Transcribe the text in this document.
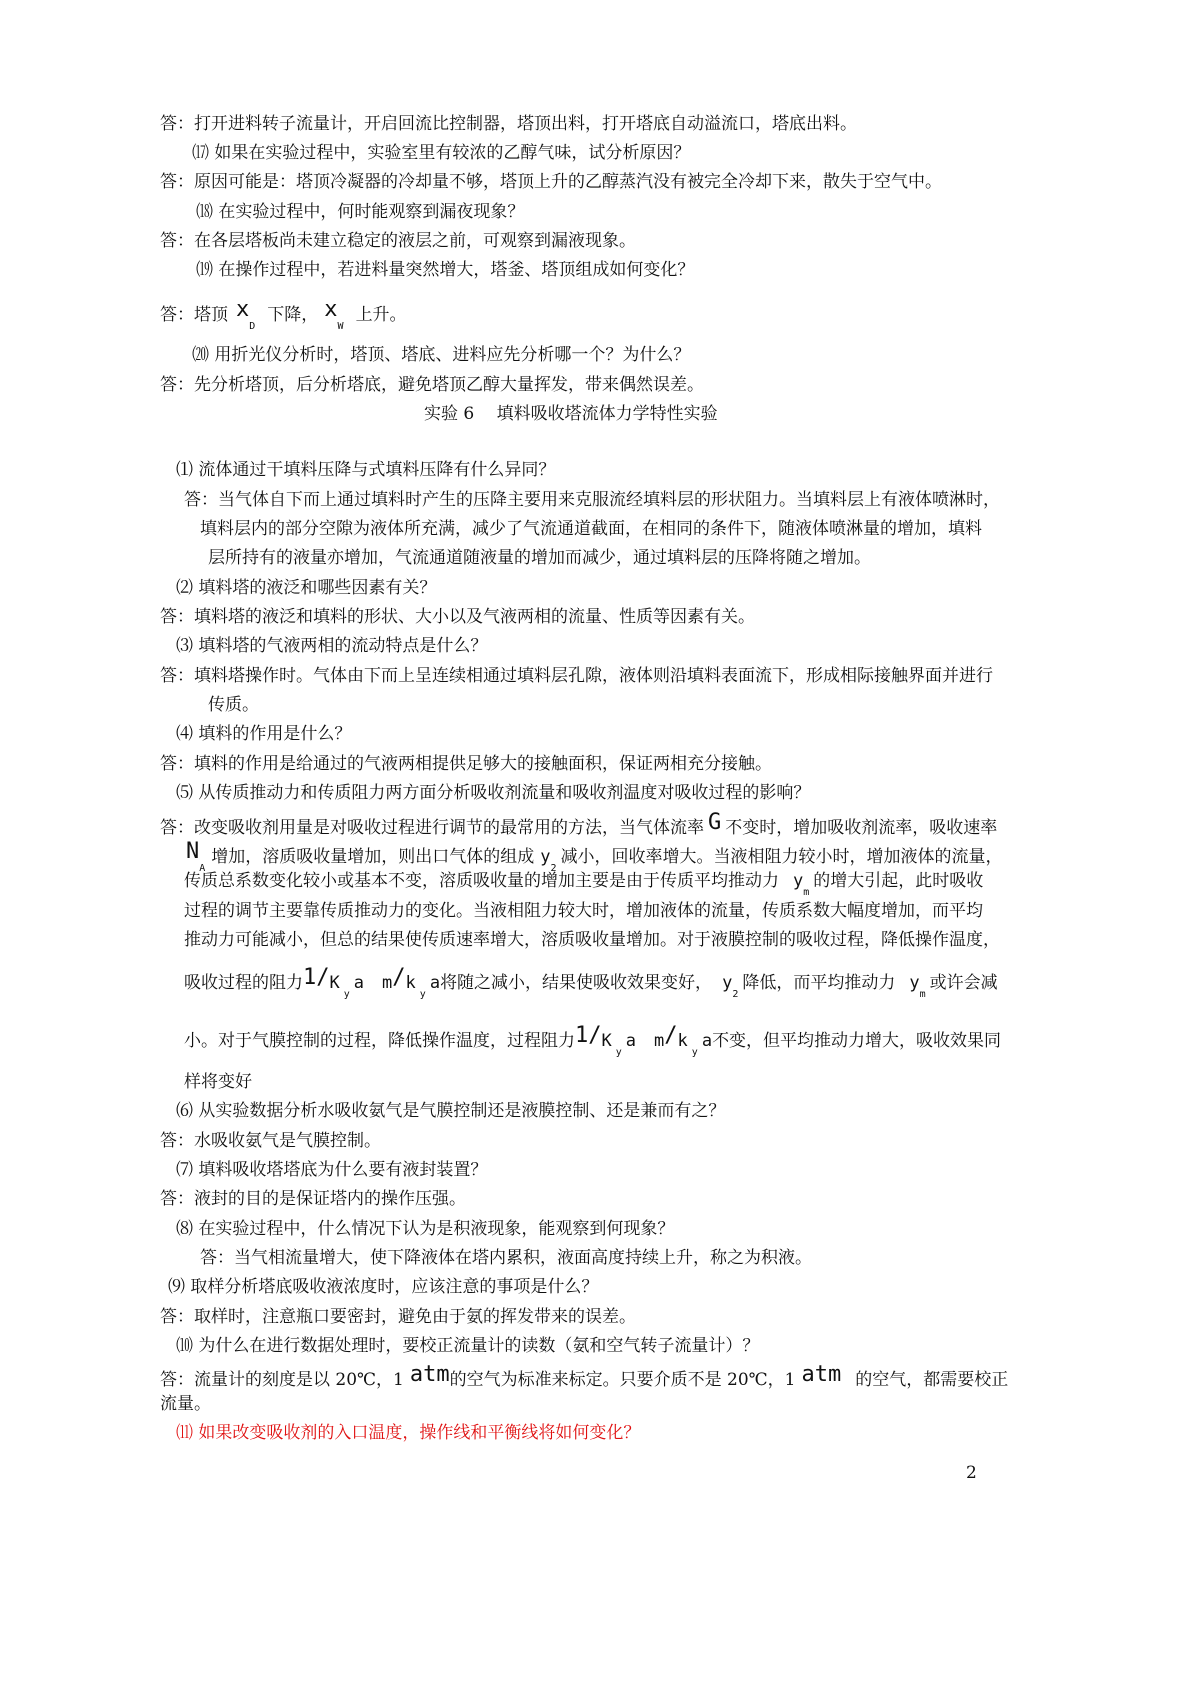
答：打开进料转子流量计，开启回流比控制器，塔顶出料，打开塔底自动溢流口，塔底出料。
⒄ 如果在实验过程中，实验室里有较浓的乙醇气味，试分析原因？
答：原因可能是：塔顶冷凝器的冷却量不够，塔顶上升的乙醇蒸汽没有被完全冷却下来，散失于空气中。
⒅ 在实验过程中，何时能观察到漏夜现象？
答：在各层塔板尚未建立稳定的液层之前，可观察到漏液现象。
⒆ 在操作过程中，若进料量突然增大，塔釜、塔顶组成如何变化？
答：塔顶 $x_D$下降， $x_W$上升。
⒇ 用折光仪分析时，塔顶、塔底、进料应先分析哪一个？为什么？
答：先分析塔顶，后分析塔底，避免塔顶乙醇大量挥发，带来偶然误差。
实验 6　 填料吸收塔流体力学特性实验
⑴ 流体通过干填料压降与式填料压降有什么异同？
答：当气体自下而上通过填料时产生的压降主要用来克服流经填料层的形状阻力。当填料层上有液体喷淋时，
填料层内的部分空隙为液体所充满，减少了气流通道截面，在相同的条件下，随液体喷淋量的增加，填料
层所持有的液量亦增加，气流通道随液量的增加而减少，通过填料层的压降将随之增加。
⑵ 填料塔的液泛和哪些因素有关？
答：填料塔的液泛和填料的形状、大小以及气液两相的流量、性质等因素有关。
⑶ 填料塔的气液两相的流动特点是什么？
答：填料塔操作时。气体由下而上呈连续相通过填料层孔隙，液体则沿填料表面流下，形成相际接触界面并进行
传质。
⑷ 填料的作用是什么？
答：填料的作用是给通过的气液两相提供足够大的接触面积，保证两相充分接触。
⑸ 从传质推动力和传质阻力两方面分析吸收剂流量和吸收剂温度对吸收过程的影响？
答：改变吸收剂用量是对吸收过程进行调节的最常用的方法，当气体流率 G 不变时，增加吸收剂流率，吸收速率
$N_A$增加，溶质吸收量增加，则出口气体的组成 $y_2$减小，回收率增大。当液相阻力较小时，增加液体的流量，
传质总系数变化较小或基本不变，溶质吸收量的增加主要是由于传质平均推动力 $y_m$的增大引起，此时吸收
过程的调节主要靠传质推动力的变化。当液相阻力较大时，增加液体的流量，传质系数大幅度增加，而平均
推动力可能减小，但总的结果使传质速率增大，溶质吸收量增加。对于液膜控制的吸收过程，降低操作温度，
吸收过程的阻力$1/K_ya$ $m/k_ya$将随之减小，结果使吸收效果变好， $y_2$降低，而平均推动力 $y_m$或许会减
小。对于气膜控制的过程，降低操作温度，过程阻力$1/K_ya$ $m/k_ya$不变，但平均推动力增大，吸收效果同
样将变好
⑹ 从实验数据分析水吸收氨气是气膜控制还是液膜控制、还是兼而有之？
答：水吸收氨气是气膜控制。
⑺ 填料吸收塔塔底为什么要有液封装置？
答：液封的目的是保证塔内的操作压强。
⑻ 在实验过程中，什么情况下认为是积液现象，能观察到何现象？
答：当气相流量增大，使下降液体在塔内累积，液面高度持续上升，称之为积液。
⑼ 取样分析塔底吸收液浓度时，应该注意的事项是什么？
答：取样时，注意瓶口要密封，避免由于氨的挥发带来的误差。
⑽ 为什么在进行数据处理时，要校正流量计的读数（氨和空气转子流量计）？
答：流量计的刻度是以 20℃，1 atm的空气为标准来标定。只要介质不是 20℃，1 atm 的空气，都需要校正
流量。
⑾ 如果改变吸收剂的入口温度，操作线和平衡线将如何变化？
2
